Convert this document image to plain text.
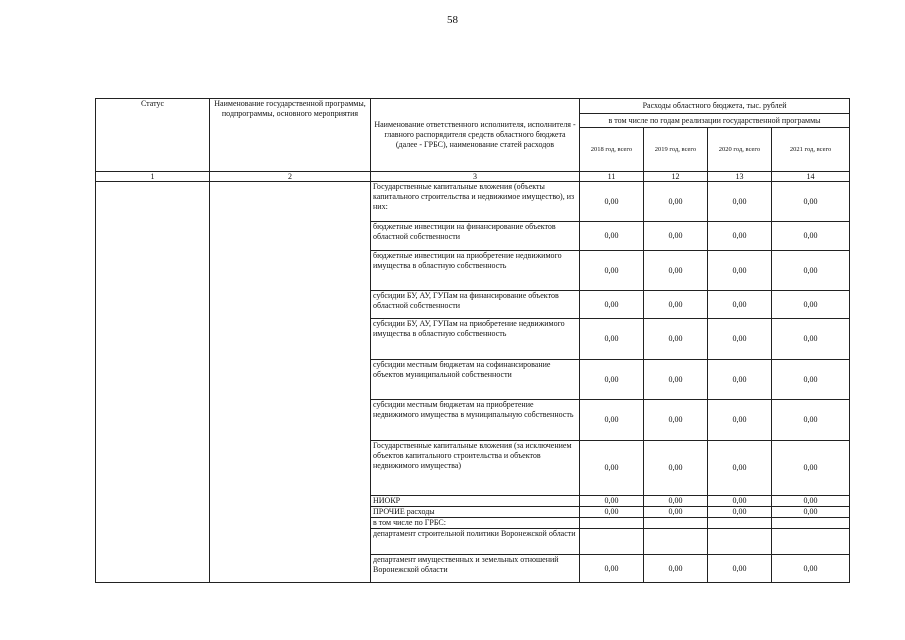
58
Статус	Наименование государственной программы, подпрограммы, основного мероприятия	Наименование ответственного исполнителя, исполнителя - главного распорядителя средств областного бюджета (далее - ГРБС), наименование статей расходов	Расходы областного бюджета, тыс. рублей			
			в том числе по годам реализации государственной программы			
			2018 год, всего	2019 год, всего	2020 год, всего	2021 год, всего
1	2	3	11	12	13	14
		Государственные капитальные вложения (объекты капитального строительства и недвижимое имущество), из них:	0,00	0,00	0,00	0,00
		бюджетные инвестиции на финансирование объектов областной собственности	0,00	0,00	0,00	0,00
		бюджетные инвестиции на приобретение недвижимого имущества в областную собственность	0,00	0,00	0,00	0,00
		субсидии БУ, АУ, ГУПам на финансирование объектов областной собственности	0,00	0,00	0,00	0,00
		субсидии БУ, АУ, ГУПам на приобретение недвижимого имущества в областную собственность	0,00	0,00	0,00	0,00
		субсидии местным бюджетам на софинансирование объектов муниципальной собственности	0,00	0,00	0,00	0,00
		субсидии местным бюджетам на приобретение недвижимого имущества в муниципальную собственность	0,00	0,00	0,00	0,00
		Государственные капитальные вложения (за исключением объектов капитального строительства и объектов недвижимого имущества)	0,00	0,00	0,00	0,00
		НИОКР	0,00	0,00	0,00	0,00
		ПРОЧИЕ расходы	0,00	0,00	0,00	0,00
		в том числе по ГРБС:				
		департамент строительной политики Воронежской области				
		департамент имущественных и земельных отношений Воронежской области	0,00	0,00	0,00	0,00
